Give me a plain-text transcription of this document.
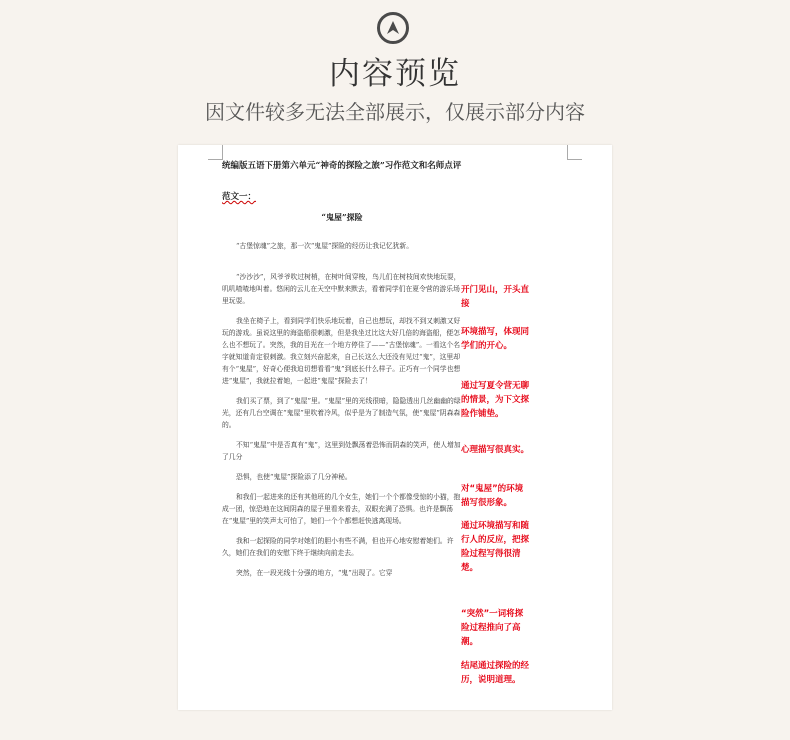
内容预览
因文件较多无法全部展示，仅展示部分内容
统编版五语下册第六单元“神奇的探险之旅”习作范文和名师点评
范文一：
“鬼屋”探险

“古堡惊魂”之旅，那一次“鬼屋”探险的经历让我记忆犹新。

“沙沙沙”，风爷爷吹过树梢，在树叶间穿梭，鸟儿们在树枝间欢快地玩耍，叽叽喳喳地叫着。悠闲的云儿在天空中默来默去，看着同学们在夏令营的游乐场里玩耍。

我坐在椅子上，看到同学们快乐地玩着，自己也想玩，却找不到又刺激又好玩的游戏。虽说这里的海盗船很刺激，但是我坐过比这大好几倍的海盗船，便怎么也不想玩了。突然，我的目光在一个地方停住了——“古堡惊魂”。一看这个名字就知道肯定很刺激。我立刻兴奋起来，自己长这么大还没有见过“鬼”，这里却有个“鬼屋”，好奇心便我迫切想看看“鬼”到底长什么样子。正巧有一个同学也想进“鬼屋”，我就拉着她，一起进“鬼屋”探险去了！

我们买了票，到了“鬼屋”里。“鬼屋”里的光线很暗，隐隐透出几丝幽幽的绿光，还有几台空调在“鬼屋”里吹着冷风，似乎是为了制造气氛，使“鬼屋”阴森森的。

不知“鬼屋”中是否真有“鬼”，这里到处飘荡着恐怖而阴森的笑声，使人增加了几分

恐惧，也使“鬼屋”探险添了几分神秘。

和我们一起进来的还有其他班的几个女生，她们一个个都像受惊的小猫，抱成一团，惊恐地在这间阴森的屋子里看来看去，双眼充满了恐惧。也许是飘荡在“鬼屋”里的笑声太可怕了，她们一个个都想赶快逃离现场。

我和一起探险的同学对她们的胆小有些不满，但也开心地安慰着她们。许久，她们在我们的安慰下终于继续向前走去。

突然，在一段光线十分强的地方，“鬼”出现了。它穿

开门见山，开头直接
环境描写，体现同学们的开心。
通过写夏令营无聊的情景，为下文探险作铺垫。
心理描写很真实。
对“鬼屋”的环境描写很形象。
通过环境描写和随行人的反应，把探险过程写得很清楚。
“突然”一词将探险过程推向了高潮。
结尾通过探险的经历，说明道理。
